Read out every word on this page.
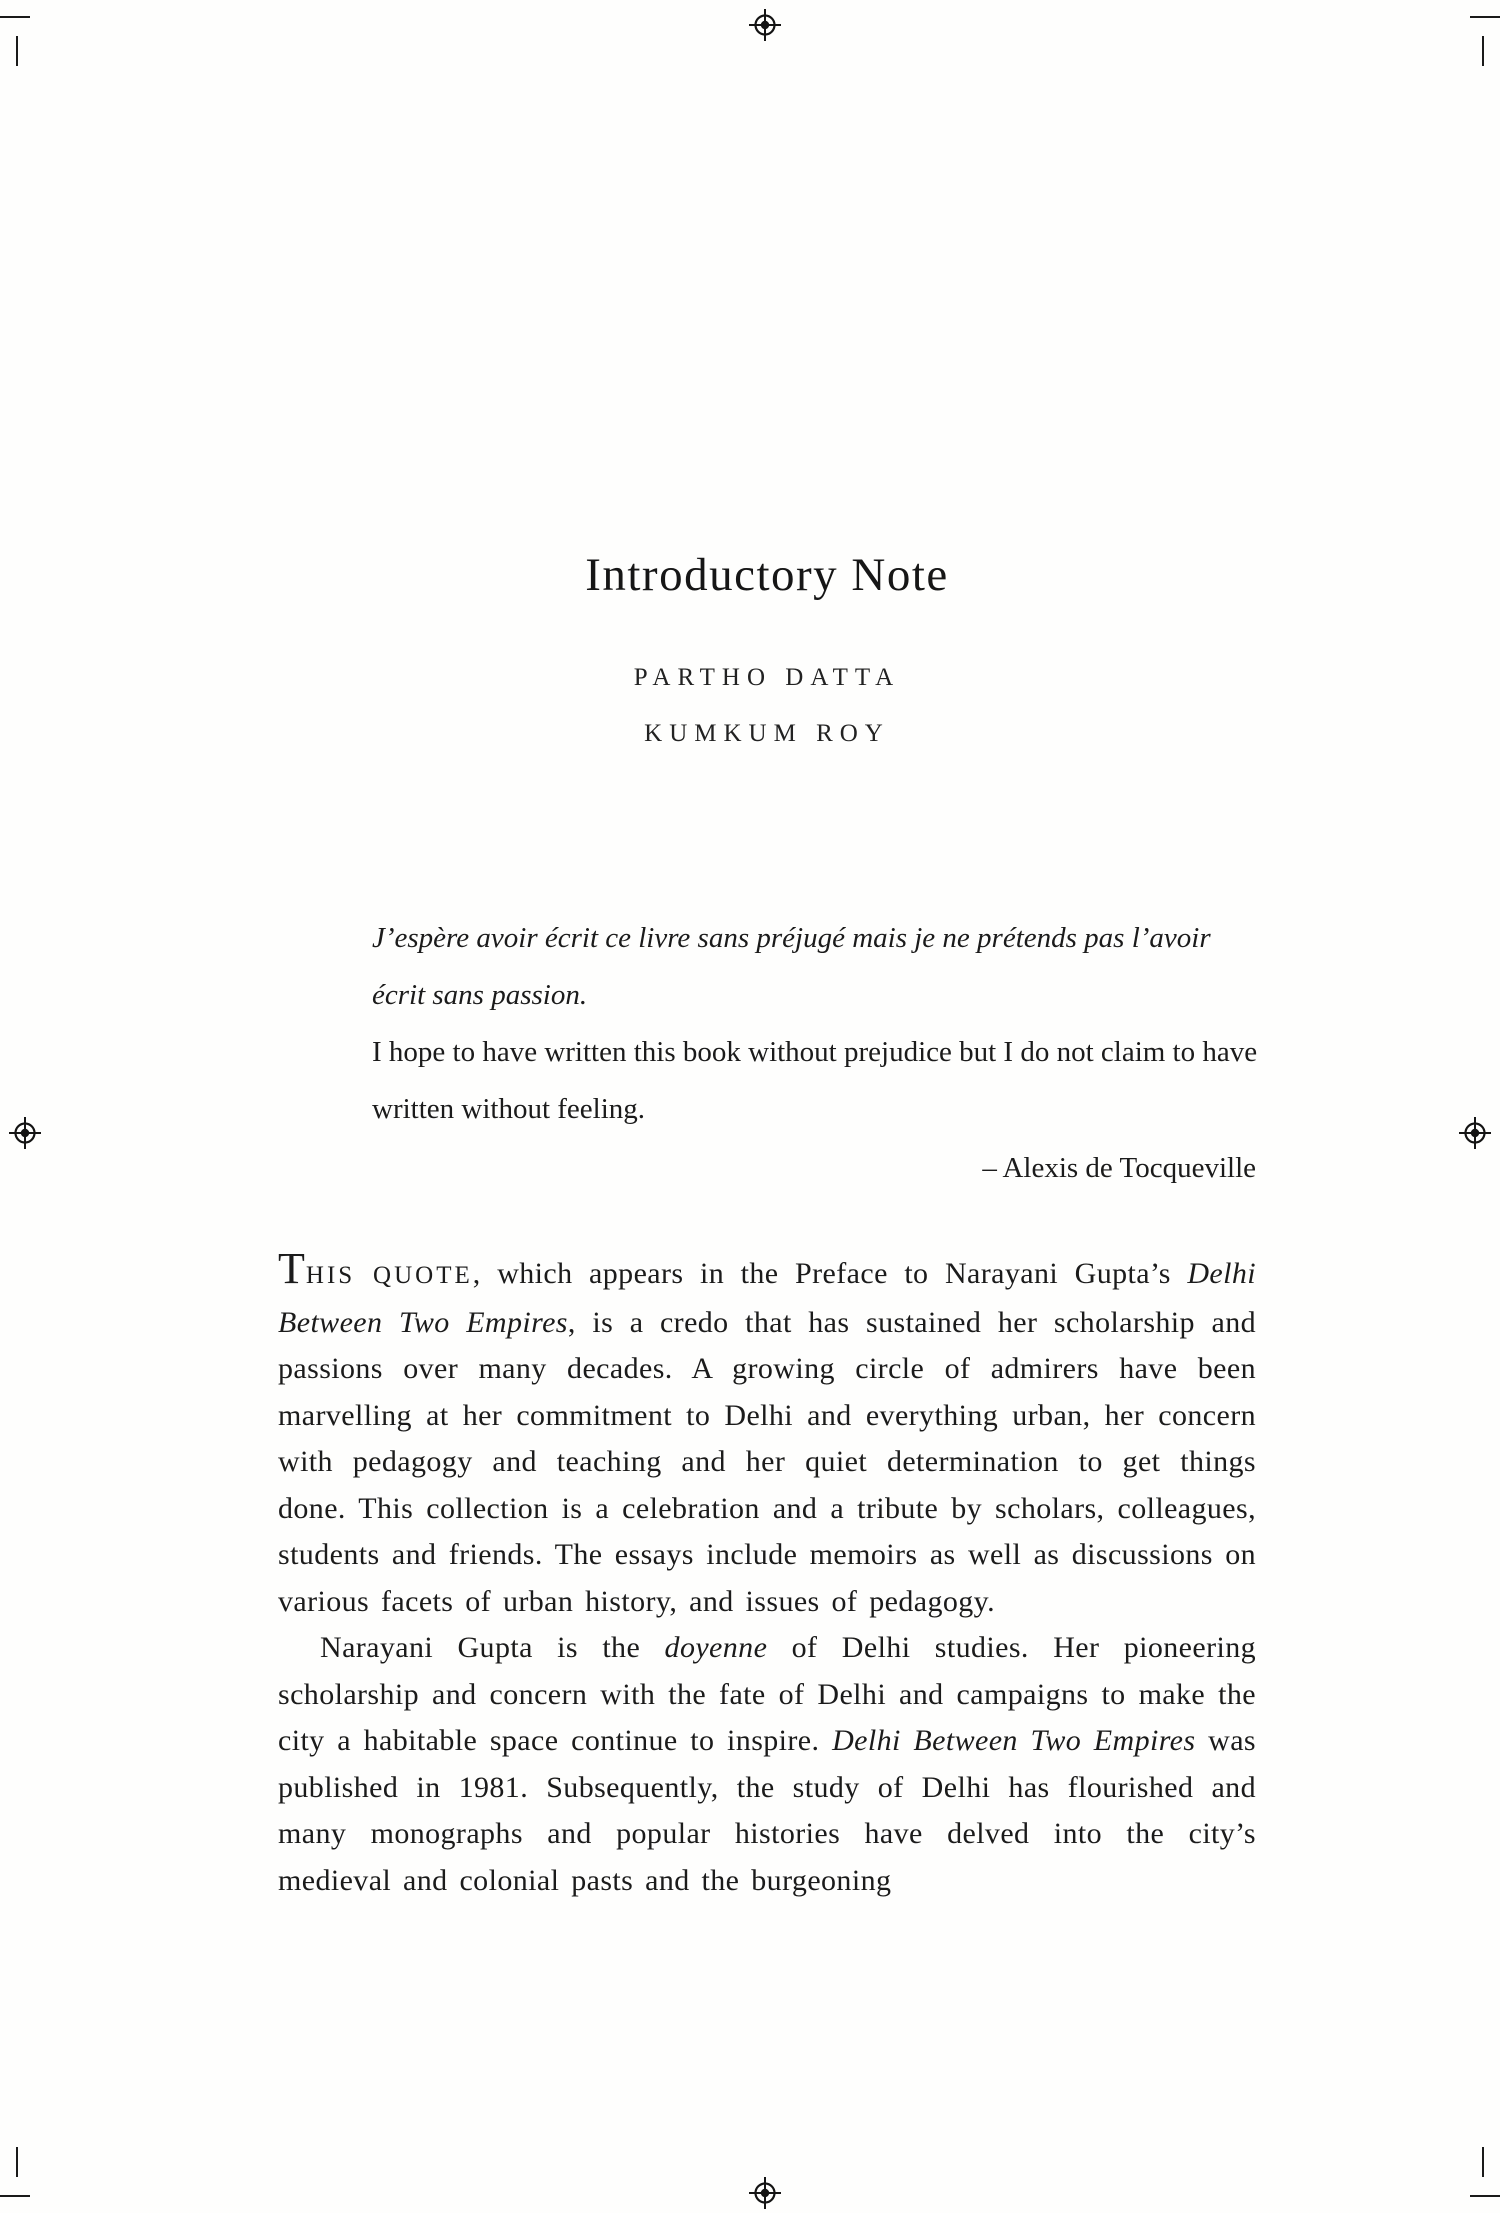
Introductory Note
PARTHO DATTA
KUMKUM ROY
J’espère avoir écrit ce livre sans préjugé mais je ne prétends pas l’avoir écrit sans passion.
I hope to have written this book without prejudice but I do not claim to have written without feeling.
– Alexis de Tocqueville

THIS QUOTE, which appears in the Preface to Narayani Gupta’s Delhi Between Two Empires, is a credo that has sustained her scholarship and passions over many decades. A growing circle of admirers have been marvelling at her commitment to Delhi and everything urban, her concern with pedagogy and teaching and her quiet determination to get things done. This collection is a celebration and a tribute by scholars, colleagues, students and friends. The essays include memoirs as well as discussions on various facets of urban history, and issues of pedagogy.

Narayani Gupta is the doyenne of Delhi studies. Her pioneering scholarship and concern with the fate of Delhi and campaigns to make the city a habitable space continue to inspire. Delhi Between Two Empires was published in 1981. Subsequently, the study of Delhi has flourished and many monographs and popular histories have delved into the city’s medieval and colonial pasts and the burgeoning
